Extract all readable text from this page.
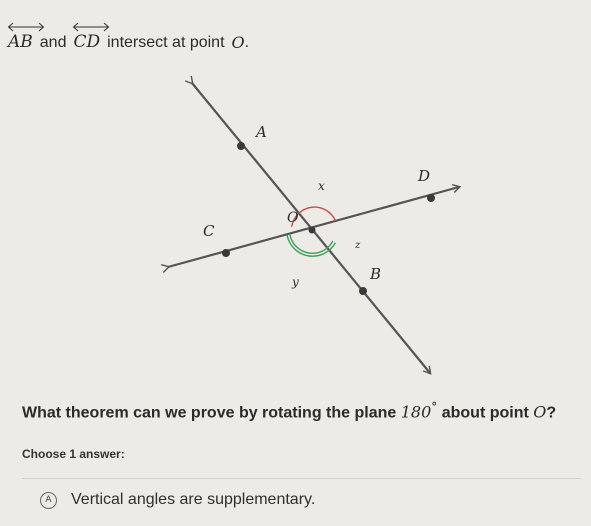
AB and CD intersect at point O .
A
B
C
D
O
x
y
z
What theorem can we prove by rotating the plane 180° about point O?
Choose 1 answer:
A	Vertical angles are supplementary.
